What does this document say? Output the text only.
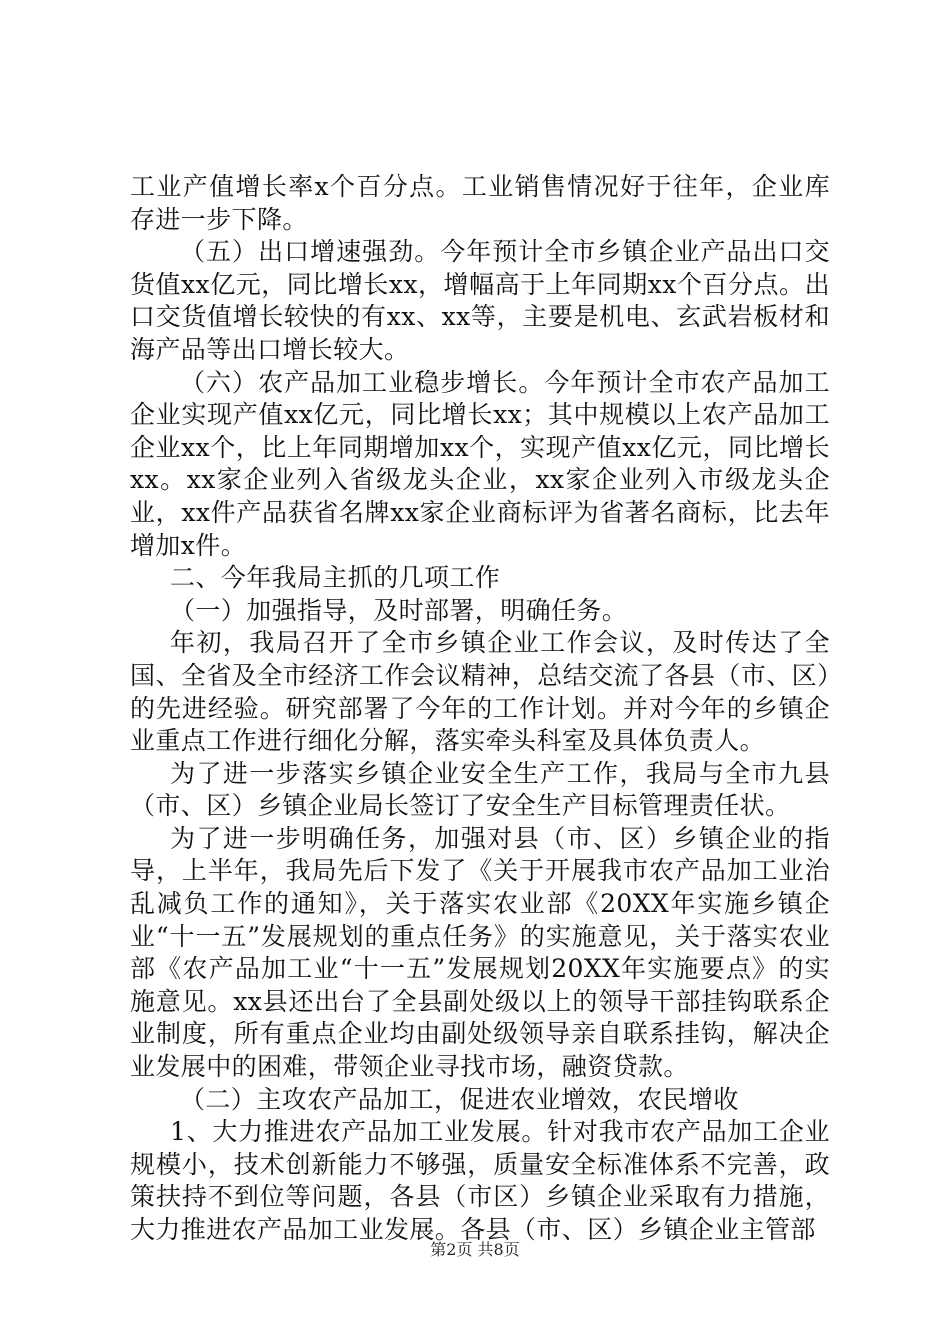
工业产值增长率x个百分点。工业销售情况好于往年，企业库存进一步下降。

（五）出口增速强劲。今年预计全市乡镇企业产品出口交货值xx亿元，同比增长xx，增幅高于上年同期xx个百分点。出口交货值增长较快的有xx、xx等，主要是机电、玄武岩板材和海产品等出口增长较大。

（六）农产品加工业稳步增长。今年预计全市农产品加工企业实现产值xx亿元，同比增长xx；其中规模以上农产品加工企业xx个，比上年同期增加xx个，实现产值xx亿元，同比增长xx。xx家企业列入省级龙头企业，xx家企业列入市级龙头企业，xx件产品获省名牌xx家企业商标评为省著名商标，比去年增加x件。

二、今年我局主抓的几项工作

（一）加强指导，及时部署，明确任务。

年初，我局召开了全市乡镇企业工作会议，及时传达了全国、全省及全市经济工作会议精神，总结交流了各县（市、区）的先进经验。研究部署了今年的工作计划。并对今年的乡镇企业重点工作进行细化分解，落实牵头科室及具体负责人。

为了进一步落实乡镇企业安全生产工作，我局与全市九县（市、区）乡镇企业局长签订了安全生产目标管理责任状。

为了进一步明确任务，加强对县（市、区）乡镇企业的指导，上半年，我局先后下发了《关于开展我市农产品加工业治乱减负工作的通知》，关于落实农业部《20XX年实施乡镇企业“十一五”发展规划的重点任务》的实施意见，关于落实农业部《农产品加工业“十一五”发展规划20XX年实施要点》的实施意见。xx县还出台了全县副处级以上的领导干部挂钩联系企业制度，所有重点企业均由副处级领导亲自联系挂钩，解决企业发展中的困难，带领企业寻找市场，融资贷款。

（二）主攻农产品加工，促进农业增效，农民增收

1、大力推进农产品加工业发展。针对我市农产品加工企业规模小，技术创新能力不够强，质量安全标准体系不完善，政策扶持不到位等问题，各县（市区）乡镇企业采取有力措施，大力推进农产品加工业发展。各县（市、区）乡镇企业主管部

第2页 共8页
